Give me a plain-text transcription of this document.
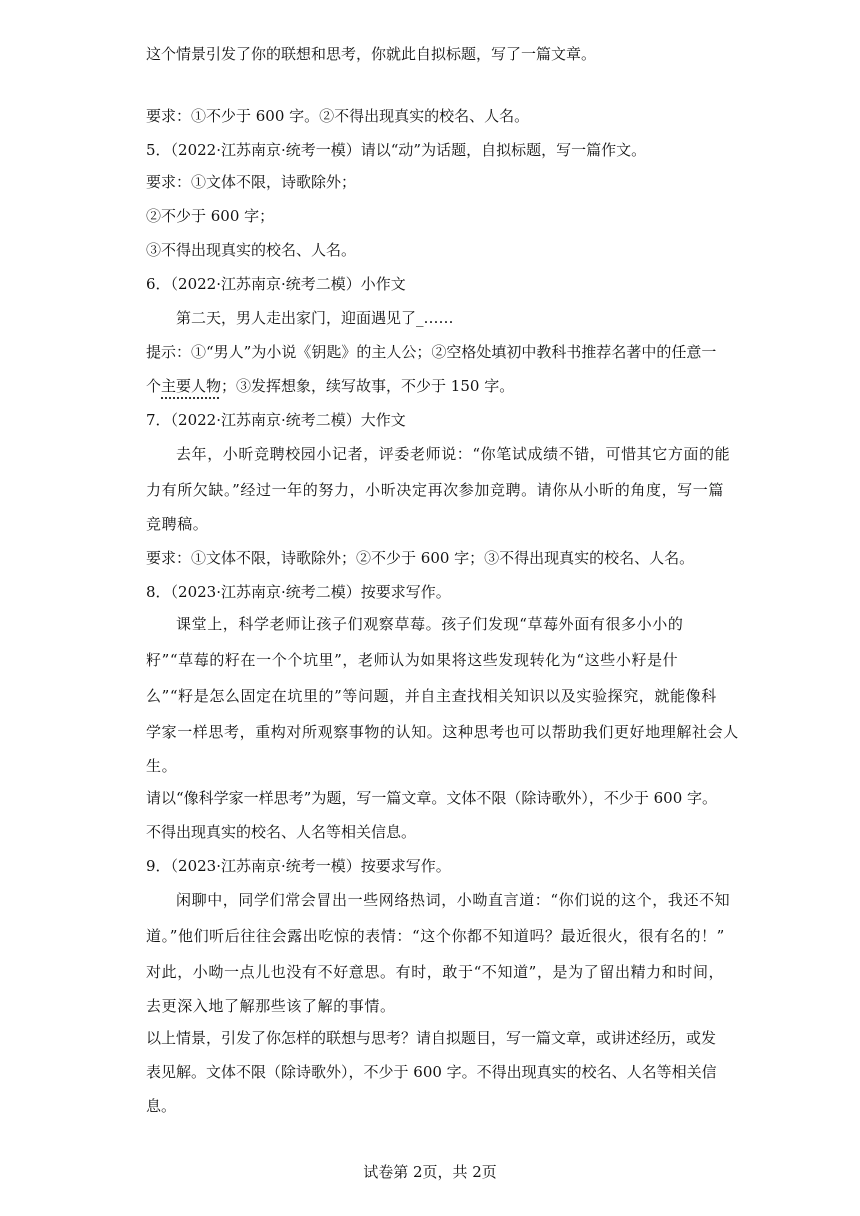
这个情景引发了你的联想和思考，你就此自拟标题，写了一篇文章。
要求：①不少于 600 字。②不得出现真实的校名、人名。
5．（2022·江苏南京·统考一模）请以“动”为话题，自拟标题，写一篇作文。
要求：①文体不限，诗歌除外；
②不少于 600 字；
③不得出现真实的校名、人名。
6．（2022·江苏南京·统考二模）小作文
第二天，男人走出家门，迎面遇见了_……
提示：①“男人”为小说《钥匙》的主人公；②空格处填初中教科书推荐名著中的任意一
个主要人物；③发挥想象，续写故事，不少于 150 字。
7．（2022·江苏南京·统考二模）大作文
去年，小昕竞聘校园小记者，评委老师说：“你笔试成绩不错，可惜其它方面的能
力有所欠缺。”经过一年的努力，小昕决定再次参加竞聘。请你从小昕的角度，写一篇
竞聘稿。
要求：①文体不限，诗歌除外；②不少于 600 字；③不得出现真实的校名、人名。
8．（2023·江苏南京·统考二模）按要求写作。
课堂上，科学老师让孩子们观察草莓。孩子们发现“草莓外面有很多小小的
籽”“草莓的籽在一个个坑里”，老师认为如果将这些发现转化为“这些小籽是什
么”“籽是怎么固定在坑里的”等问题，并自主查找相关知识以及实验探究，就能像科
学家一样思考，重构对所观察事物的认知。这种思考也可以帮助我们更好地理解社会人
生。
请以“像科学家一样思考”为题，写一篇文章。文体不限（除诗歌外），不少于 600 字。
不得出现真实的校名、人名等相关信息。
9．（2023·江苏南京·统考一模）按要求写作。
闲聊中，同学们常会冒出一些网络热词，小呦直言道：“你们说的这个，我还不知
道。”他们听后往往会露出吃惊的表情：“这个你都不知道吗？最近很火，很有名的！”
对此，小呦一点儿也没有不好意思。有时，敢于“不知道”，是为了留出精力和时间，
去更深入地了解那些该了解的事情。
以上情景，引发了你怎样的联想与思考？请自拟题目，写一篇文章，或讲述经历，或发
表见解。文体不限（除诗歌外），不少于 600 字。不得出现真实的校名、人名等相关信
息。
试卷第 2页，共 2页
